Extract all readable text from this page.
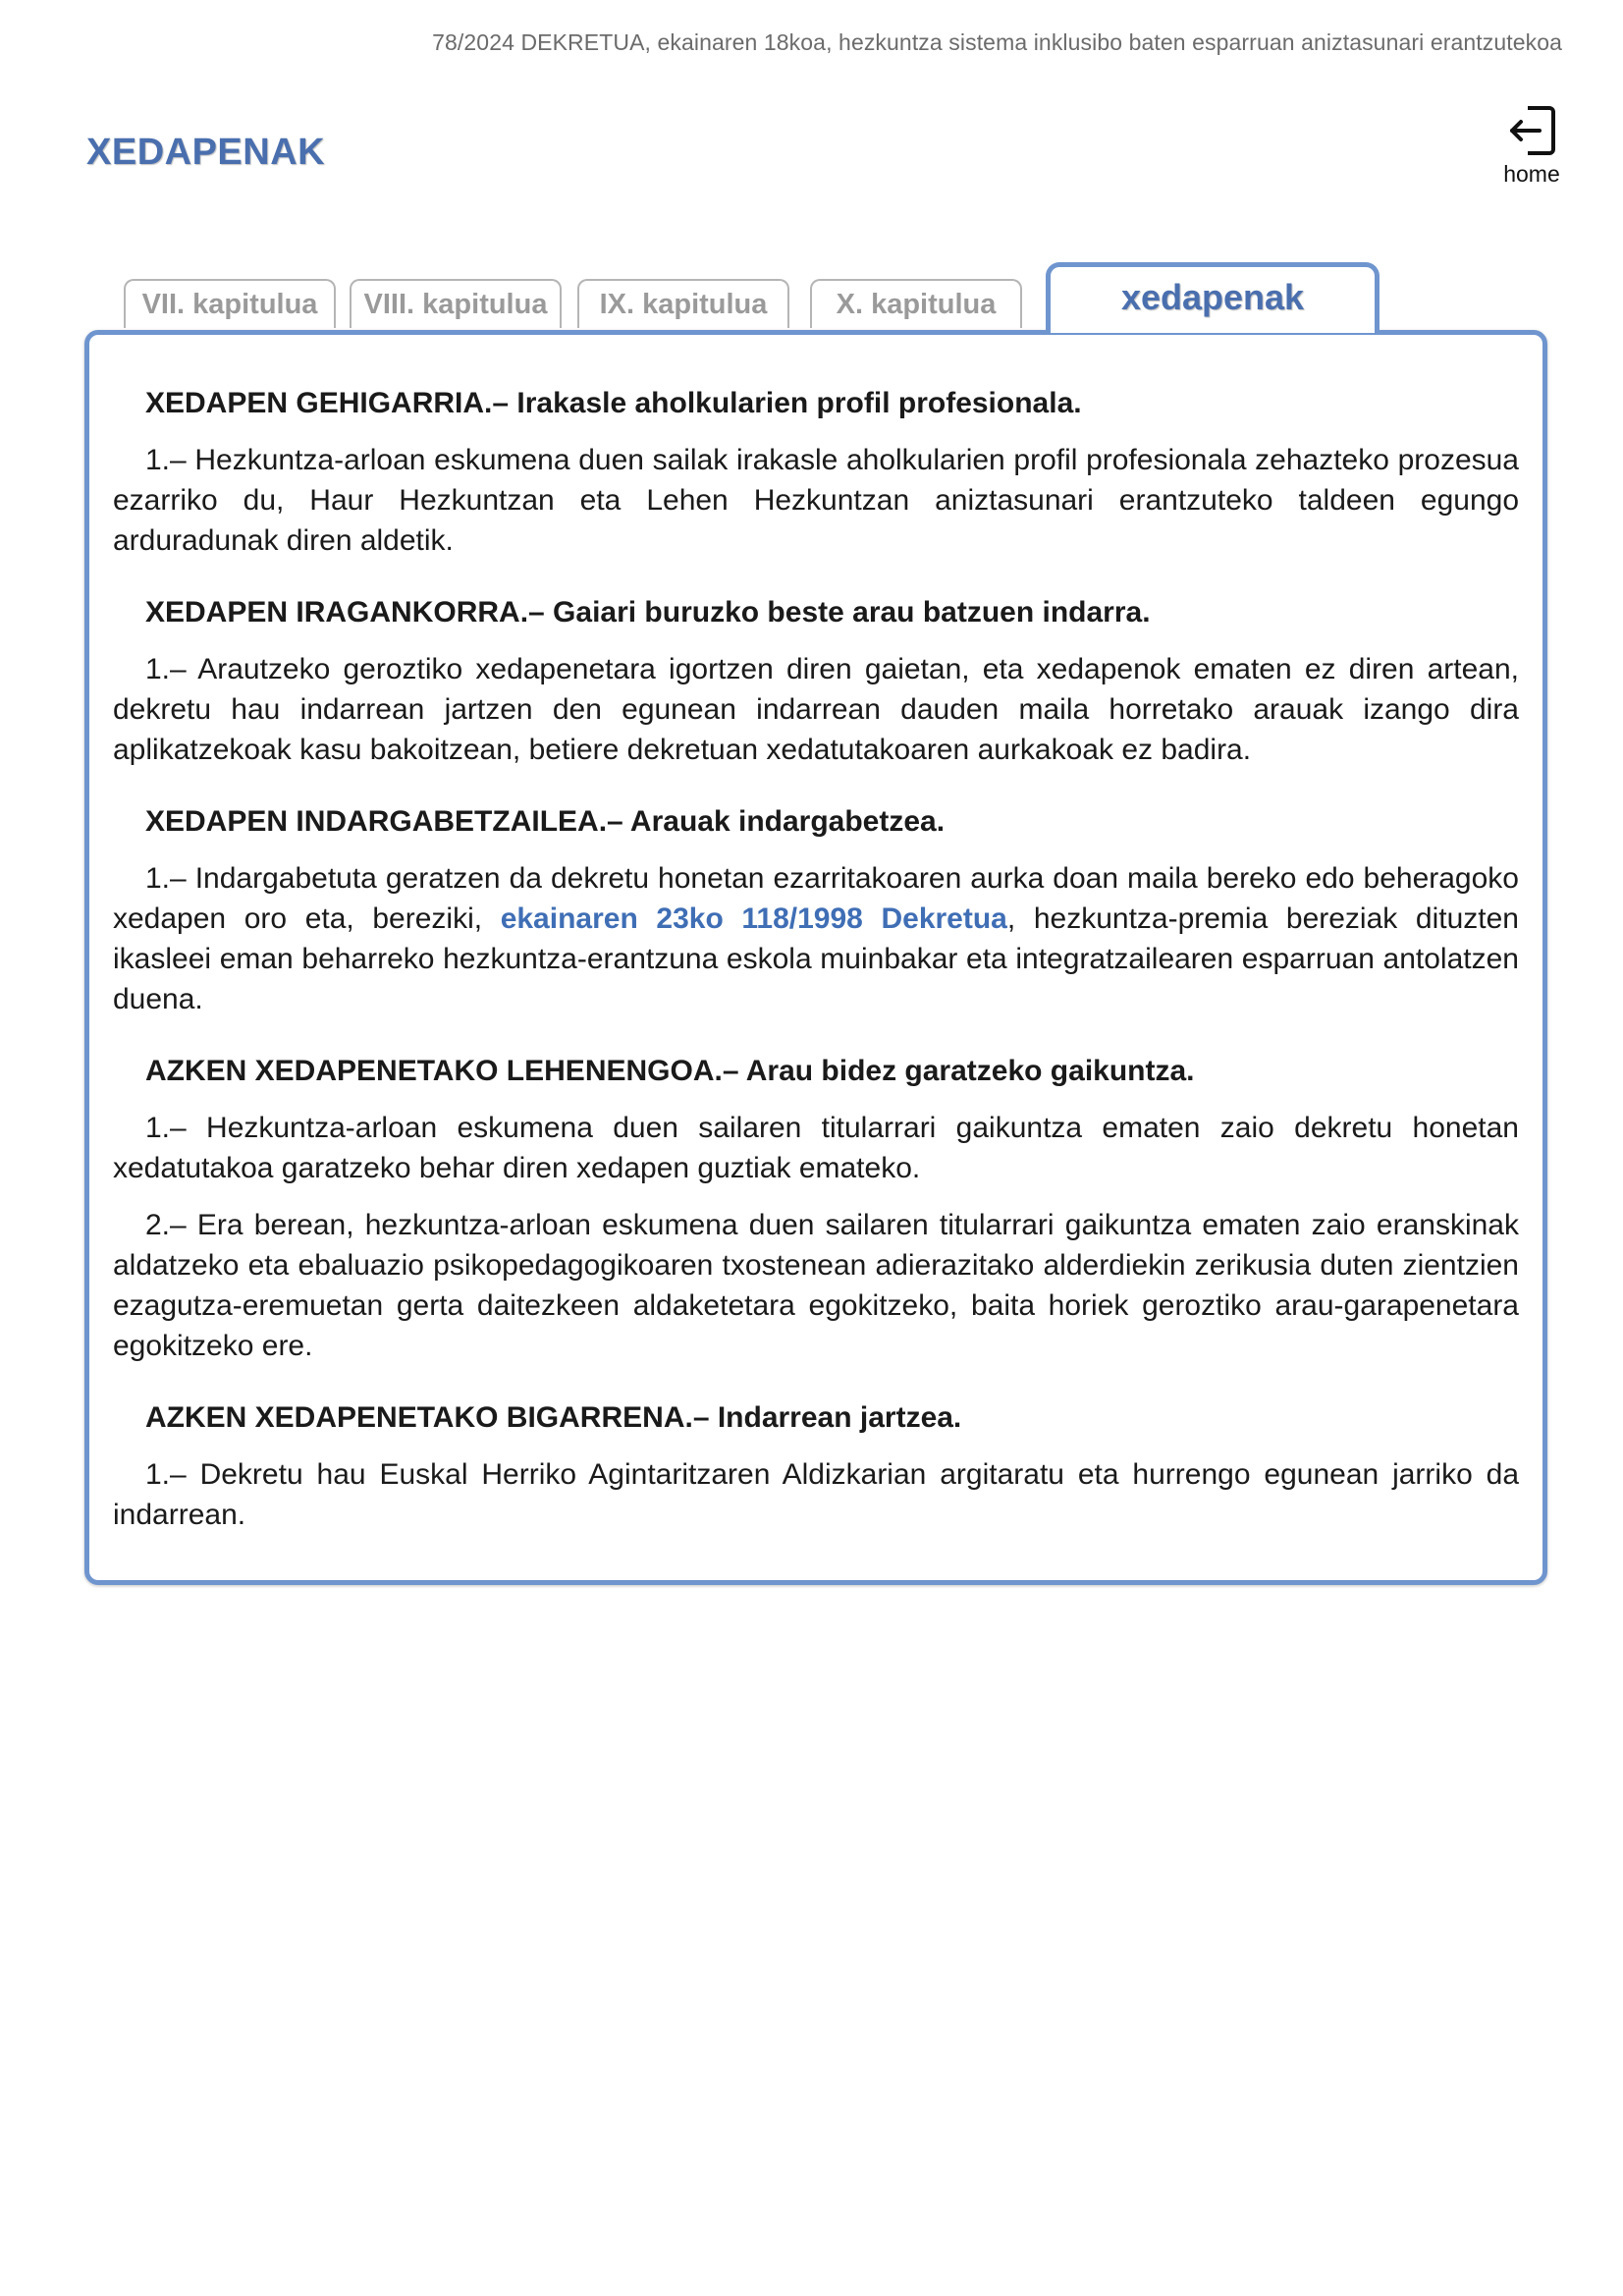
78/2024 DEKRETUA, ekainaren 18koa, hezkuntza sistema inklusibo baten esparruan aniztasunari erantzutekoa
XEDAPENAK
home
VII. kapitulua	VIII. kapitulua	IX. kapitulua	X. kapitulua	xedapenak
XEDAPEN GEHIGARRIA.– Irakasle aholkularien profil profesionala.

1.– Hezkuntza-arloan eskumena duen sailak irakasle aholkularien profil profesionala zehazteko prozesua ezarriko du, Haur Hezkuntzan eta Lehen Hezkuntzan aniztasunari erantzuteko taldeen egungo arduradunak diren aldetik.

XEDAPEN IRAGANKORRA.– Gaiari buruzko beste arau batzuen indarra.

1.– Arautzeko geroztiko xedapenetara igortzen diren gaietan, eta xedapenok ematen ez diren artean, dekretu hau indarrean jartzen den egunean indarrean dauden maila horretako arauak izango dira aplikatzekoak kasu bakoitzean, betiere dekretuan xedatutakoaren aurkakoak ez badira.

XEDAPEN INDARGABETZAILEA.– Arauak indargabetzea.

1.– Indargabetuta geratzen da dekretu honetan ezarritakoaren aurka doan maila bereko edo beheragoko xedapen oro eta, bereziki, ekainaren 23ko 118/1998 Dekretua, hezkuntza-premia bereziak dituzten ikasleei eman beharreko hezkuntza-erantzuna eskola muinbakar eta integratzailearen esparruan antolatzen duena.

AZKEN XEDAPENETAKO LEHENENGOA.– Arau bidez garatzeko gaikuntza.

1.– Hezkuntza-arloan eskumena duen sailaren titularrari gaikuntza ematen zaio dekretu honetan xedatutakoa garatzeko behar diren xedapen guztiak emateko.

2.– Era berean, hezkuntza-arloan eskumena duen sailaren titularrari gaikuntza ematen zaio eranskinak aldatzeko eta ebaluazio psikopedagogikoaren txostenean adierazitako alderdiekin zerikusia duten zientzien ezagutza-eremuetan gerta daitezkeen aldaketetara egokitzeko, baita horiek geroztiko arau-garapenetara egokitzeko ere.

AZKEN XEDAPENETAKO BIGARRENA.– Indarrean jartzea.

1.– Dekretu hau Euskal Herriko Agintaritzaren Aldizkarian argitaratu eta hurrengo egunean jarriko da indarrean.
